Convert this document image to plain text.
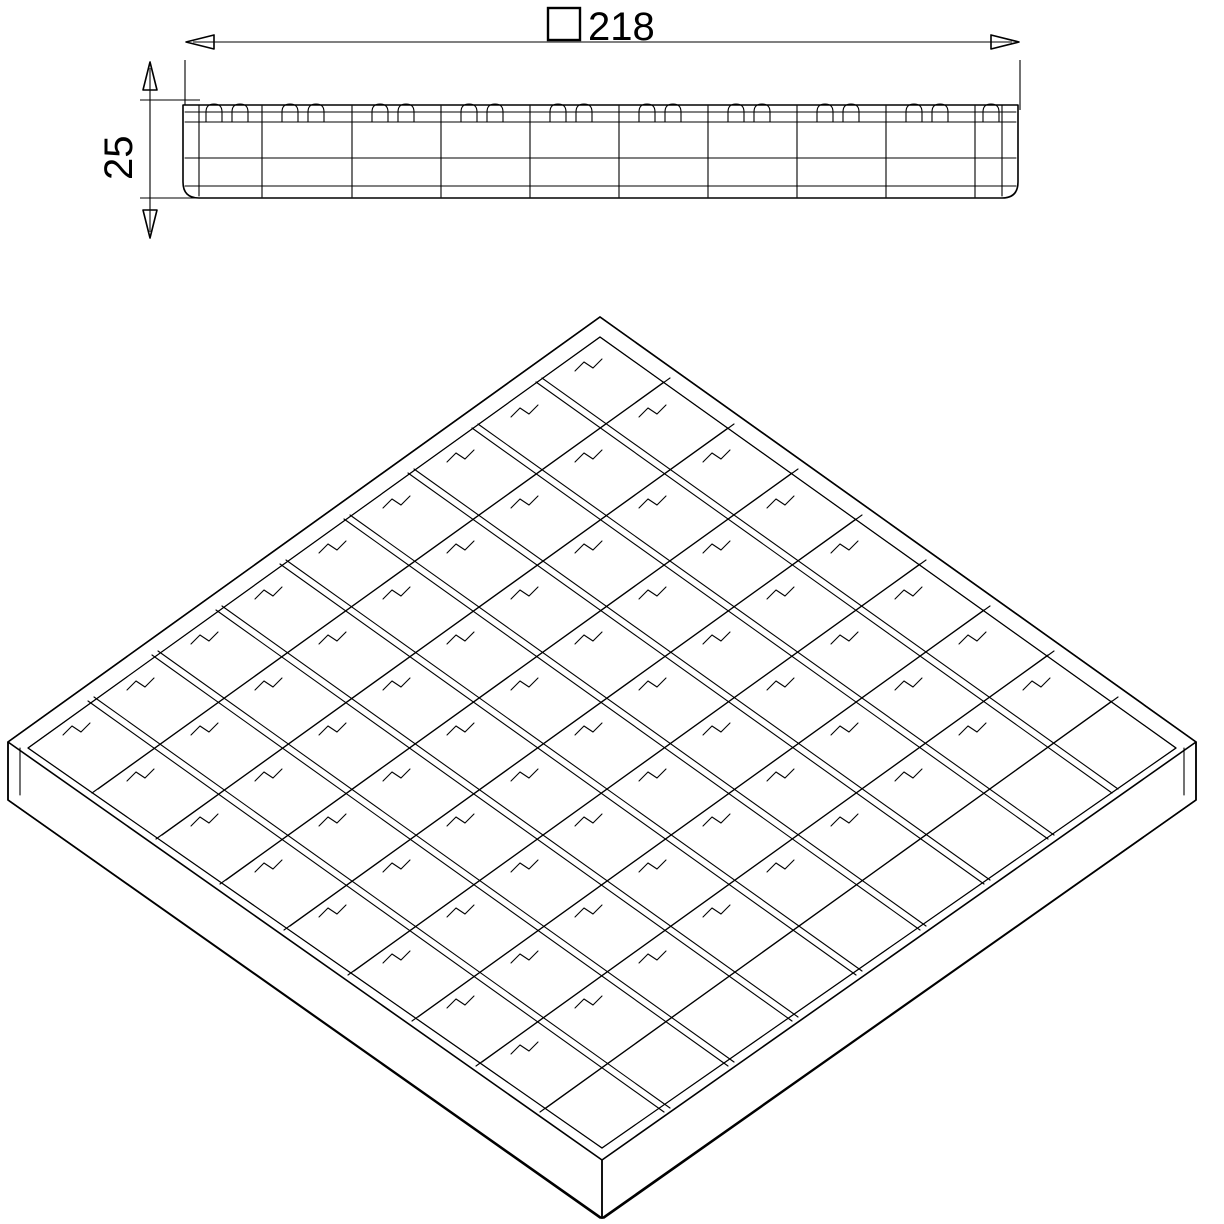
218
25
